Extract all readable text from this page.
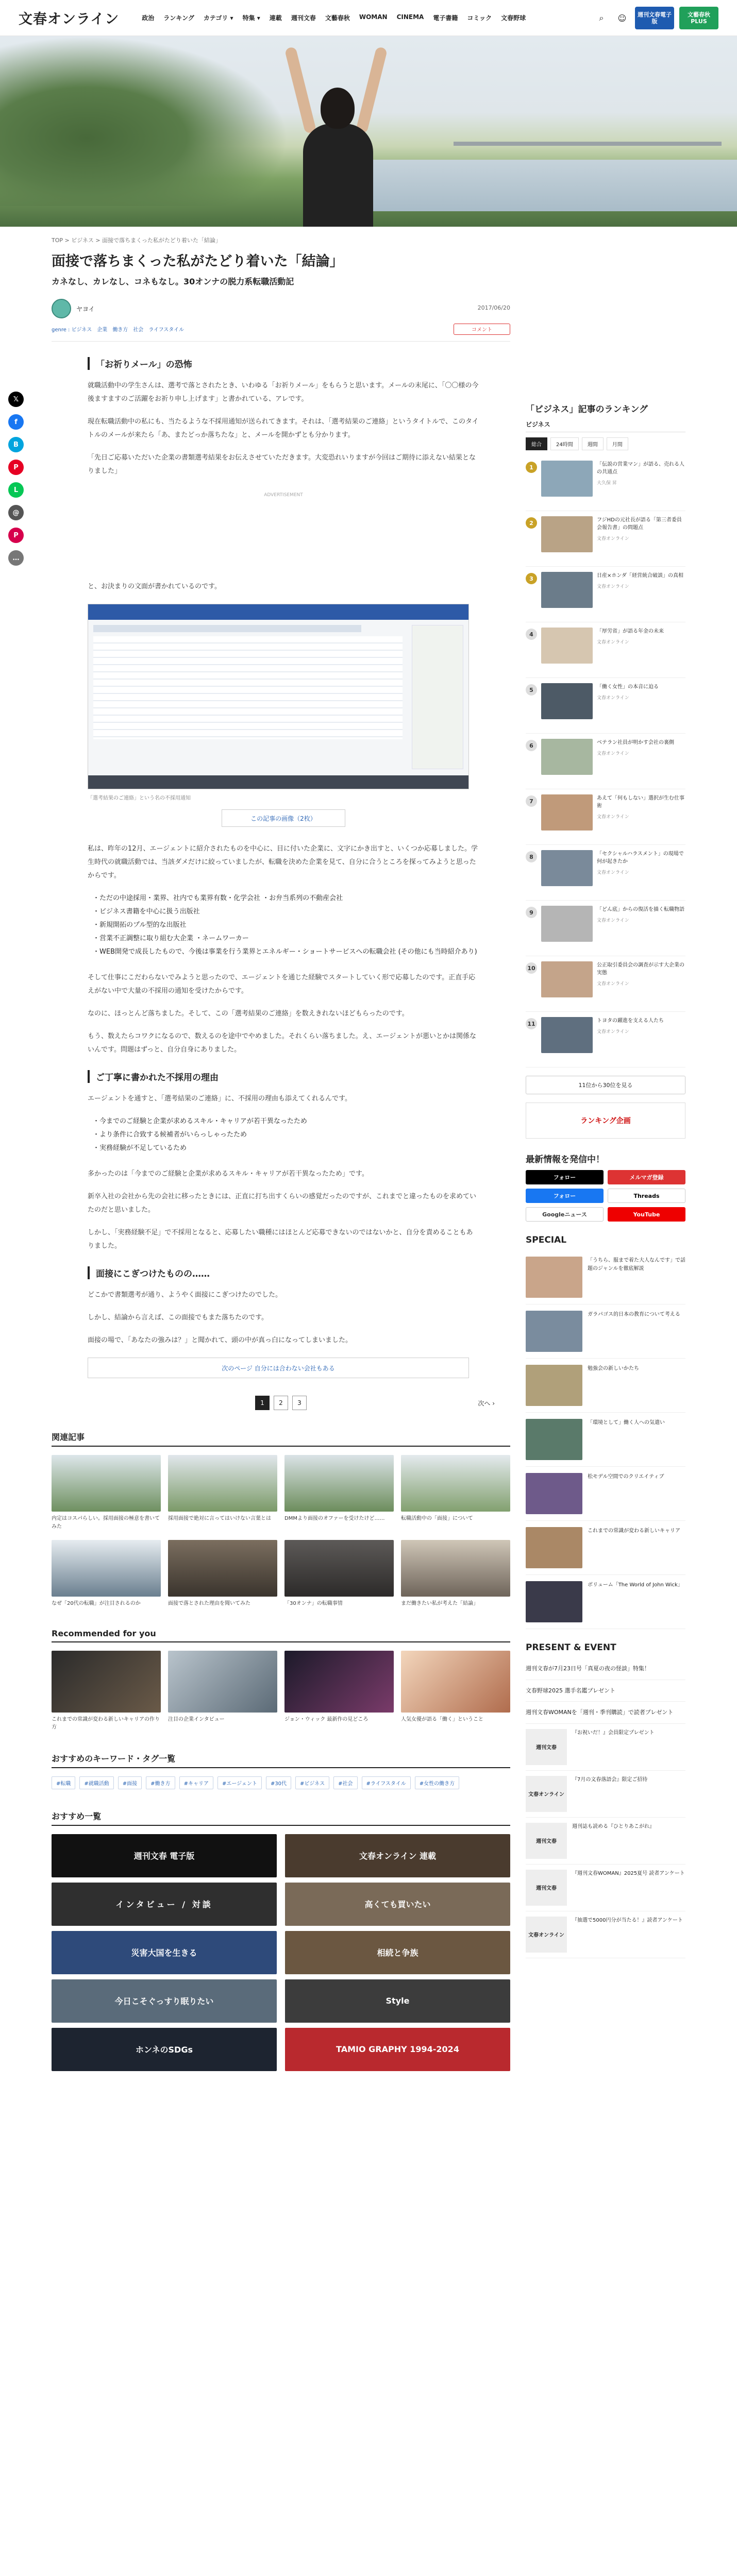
文春オンライン	政治 ランキング カテゴリ ▾ 特集 ▾ 連載 週刊文春 文藝春秋 WOMAN CINEMA 電子書籍 コミック 文春野球	⌕	☺	週刊文春電子版
文藝春秋PLUS
𝕏
f
B
P
L
@
P
…
TOP > ビジネス > 面接で落ちまくった私がたどり着いた「結論」
面接で落ちまくった私がたどり着いた「結論」
カネなし、カレなし、コネもなし。30オンナの脱力系転職活動記
ヤヨイ	2017/06/20
genre : ビジネス 企業 働き方 社会 ライフスタイル	コメント
「お祈りメール」の恐怖

就職活動中の学生さんは、選考で落とされたとき、いわゆる「お祈りメール」をもらうと思います。メールの末尾に、「〇〇様の今後ますますのご活躍をお祈り申し上げます」と書かれている、アレです。

現在転職活動中の私にも、当たるような不採用通知が送られてきます。それは、「選考結果のご連絡」というタイトルで、このタイトルのメールが来たら「あ、またどっか落ちたな」と、メールを開かずとも分かります。

「先日ご応募いただいた企業の書類選考結果をお伝えさせていただきます。大変恐れいりますが今回はご期待に添えない結果となりました」

ADVERTISEMENT

と、お決まりの文面が書かれているのです。

「選考結果のご連絡」という名の不採用通知
この記事の画像（2枚）

私は、昨年の12月、エージェントに紹介されたものを中心に、目に付いた企業に、文字にかき出すと、いくつか応募しました。学生時代の就職活動では、当該ダメだけに絞っていましたが、転職を決めた企業を見て、自分に合うところを探ってみようと思ったからです。

・ただの中途採用・業界、社内でも業界有数・化学会社 ・お弁当系列の不動産会社
・ビジネス書籍を中心に扱う出版社
・新規開拓のプル型的な出版社
・営業不正調整に取り組む大企業 ・ネームワーカー
・WEB開発で成長したもので、今後は事業を行う業界とエネルギー・ショートサービスへの転職会社 (その他にも当時紹介あり)

そして仕事にこだわらないでみようと思ったので、エージェントを通じた経験でスタートしていく形で応募したのです。正直手応えがない中で大量の不採用の通知を受けたからです。

なのに、ほっとんど落ちました。そして、この「選考結果のご連絡」を数えきれないほどもらったのです。

もう、数えたらコワクになるので、数えるのを途中でやめました。それくらい落ちました。え、エージェントが悪いとかは関係ないんです。問題はずっと、自分自身にありました。

ご丁寧に書かれた不採用の理由

エージェントを通すと、「選考結果のご連絡」に、不採用の理由も添えてくれるんです。

・今までのご経験と企業が求めるスキル・キャリアが若干異なったため
・より条件に合致する候補者がいらっしゃったため
・実務経験が不足しているため

多かったのは「今までのご経験と企業が求めるスキル・キャリアが若干異なったため」です。

新卒入社の会社から先の会社に移ったときには、正直に打ち出すくらいの感覚だったのですが、これまでと違ったものを求めていたのだと思いました。

しかし、「実務経験不足」で不採用となると、応募したい職種にはほとんど応募できないのではないかと、自分を責めることもありました。

面接にこぎつけたものの……

どこかで書類選考が通り、ようやく面接にこぎつけたのでした。

しかし、結論から言えば、この面接でもまた落ちたのです。

面接の場で、「あなたの強みは？」と聞かれて、頭の中が真っ白になってしまいました。

次のページ 自分には合わない会社もある
1	2	3	次へ ›
関連記事
内定はコスパらしい。採用面接の極意を書いてみた
採用面接で絶対に言ってはいけない言葉とは	DMMより面接のオファーを受けたけど……	転職活動中の「面接」について
なぜ「20代の転職」が注目されるのか	面接で落とされた理由を聞いてみた	「30オンナ」の転職事情	まだ働きたい私が考えた「結論」
Recommended for you
これまでの常識が変わる新しいキャリアの作り方
注目の企業インタビュー	ジョン・ウィック 最新作の見どころ	人気女優が語る「働く」ということ
おすすめのキーワード・タグ一覧
#転職	#就職活動	#面接	#働き方	#キャリア	#エージェント	#30代	#ビジネス	#社会	#ライフスタイル	#女性の働き方
おすすめ一覧
週刊文春 電子版	文春オンライン 連載
インタビュー / 対談	高くても買いたい
災害大国を生きる	相続と争族
今日こそぐっすり眠りたい	Style
ホンネのSDGs	TAMIO GRAPHY 1994-2024
「ビジネス」記事のランキング
ビジネス
総合	24時間	週間	月間
1	「伝説の営業マン」が語る、売れる人の共通点
大久保 昇
2	フジHDの元社長が語る「第三者委員会報告書」の問題点
文春オンライン
3	日産×ホンダ「経営統合破談」の真相
文春オンライン
4	「厚労省」が語る年金の未来
文春オンライン
5	「働く女性」の本音に迫る
文春オンライン
6	ベテラン社員が明かす会社の裏側
文春オンライン
7	あえて「何もしない」選択が生む仕事術
文春オンライン
8	「セクシャルハラスメント」の現場で何が起きたか
文春オンライン
9	「どん底」からの復活を描く転職物語
文春オンライン
10	公正取引委員会の調査が示す大企業の実態
文春オンライン
11	トヨタの躍進を支える人たち
文春オンライン
11位から30位を見る
ランキング企画
最新情報を発信中！
フォロー	メルマガ登録
フォロー	Threads
Googleニュース	YouTube
SPECIAL
「うちら、服まで着た大人なんです」で話題のジャンルを徹底解説
ガラパゴス的日本の教育について考える
勉強会の新しいかたち
「環境として」働く人への気遣い
松モデル空間でのクリエイティブ
これまでの常識が変わる新しいキャリア
ボリューム「The World of John Wick」
PRESENT & EVENT
週刊文春が7月23日号「真夏の夜の怪談」特集！
文春野球2025 選手名鑑プレゼント
週刊文春WOMANを「週刊・季刊購読」で読者プレゼント
週刊文春
『お祝いだ！』会員限定プレゼント
文春オンライン
『7月の文春落語会』限定ご招待
週刊文春
週刊誌も読める『ひとりあこがれ』
週刊文春
『週刊文春WOMAN』2025夏号 読者アンケート
文春オンライン
『抽選で5000円分が当たる！』読者アンケート
